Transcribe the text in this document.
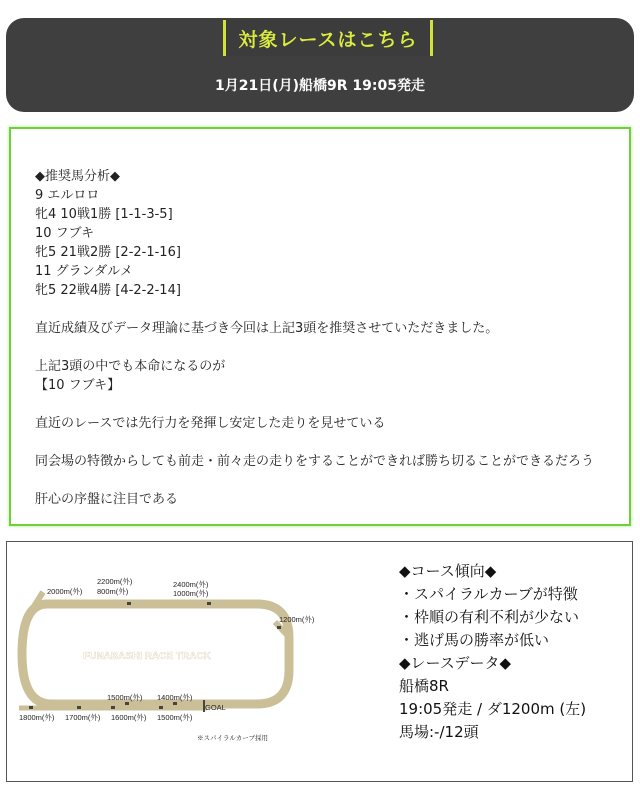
対象レースはこちら
1月21日(月)船橋9R 19:05発走
◆推奨馬分析◆
9 エルロロ
牝4 10戦1勝 [1-1-3-5]
10 フブキ
牝5 21戦2勝 [2-2-1-16]
11 グランダルメ
牝5 22戦4勝 [4-2-2-14]
直近成績及びデータ理論に基づき今回は上記3頭を推奨させていただきました。
上記3頭の中でも本命になるのが
【10 フブキ】
直近のレースでは先行力を発揮し安定した走りを見せている
同会場の特徴からしても前走・前々走の走りをすることができれば勝ち切ることができるだろう
肝心の序盤に注目である
FUNABASHI RACE TRACK
2200m(外)
800m(外)
2400m(外)
1000m(外)
2000m(外)
1200m(外)
1500m(外) 1400m(外)
1800m(外) 1700m(外) 1600m(外) 1500m(外)
GOAL
※スパイラルカーブ採用
◆コース傾向◆
・スパイラルカーブが特徴
・枠順の有利不利が少ない
・逃げ馬の勝率が低い
◆レースデータ◆
船橋8R
19:05発走 / ダ1200m (左)
馬場:-/12頭
